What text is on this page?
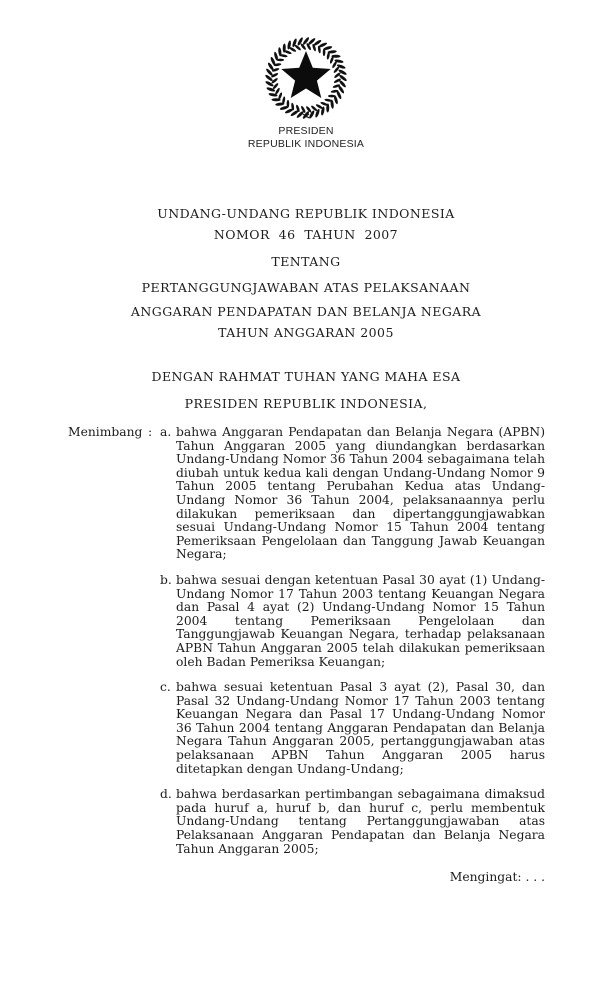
PRESIDEN
REPUBLIK INDONESIA
UNDANG-UNDANG REPUBLIK INDONESIA
NOMOR  46  TAHUN  2007
TENTANG
PERTANGGUNGJAWABAN ATAS PELAKSANAAN
ANGGARAN PENDAPATAN DAN BELANJA NEGARA
TAHUN ANGGARAN 2005
DENGAN RAHMAT TUHAN YANG MAHA ESA
PRESIDEN REPUBLIK INDONESIA,
Menimbang : a. bahwa Anggaran Pendapatan dan Belanja Negara (APBN) Tahun Anggaran 2005 yang diundangkan berdasarkan Undang-Undang Nomor 36 Tahun 2004 sebagaimana telah diubah untuk kedua kali dengan Undang-Undang Nomor 9 Tahun 2005 tentang Perubahan Kedua atas Undang-Undang Nomor 36 Tahun 2004, pelaksanaannya perlu dilakukan pemeriksaan dan dipertanggungjawabkan sesuai Undang-Undang Nomor 15 Tahun 2004 tentang Pemeriksaan Pengelolaan dan Tanggung Jawab Keuangan Negara;
b. bahwa sesuai dengan ketentuan Pasal 30 ayat (1) Undang-Undang Nomor 17 Tahun 2003 tentang Keuangan Negara dan Pasal 4 ayat (2) Undang-Undang Nomor 15 Tahun 2004 tentang Pemeriksaan Pengelolaan dan Tanggungjawab Keuangan Negara, terhadap pelaksanaan APBN Tahun Anggaran 2005 telah dilakukan pemeriksaan oleh Badan Pemeriksa Keuangan;
c. bahwa sesuai ketentuan Pasal 3 ayat (2), Pasal 30, dan Pasal 32 Undang-Undang Nomor 17 Tahun 2003 tentang Keuangan Negara dan Pasal 17 Undang-Undang Nomor 36 Tahun 2004 tentang Anggaran Pendapatan dan Belanja Negara Tahun Anggaran 2005, pertanggungjawaban atas pelaksanaan APBN Tahun Anggaran 2005 harus ditetapkan dengan Undang-Undang;
d. bahwa berdasarkan pertimbangan sebagaimana dimaksud pada huruf a, huruf b, dan huruf c, perlu membentuk Undang-Undang tentang Pertanggungjawaban atas Pelaksanaan Anggaran Pendapatan dan Belanja Negara Tahun Anggaran 2005;
Mengingat: . . .
